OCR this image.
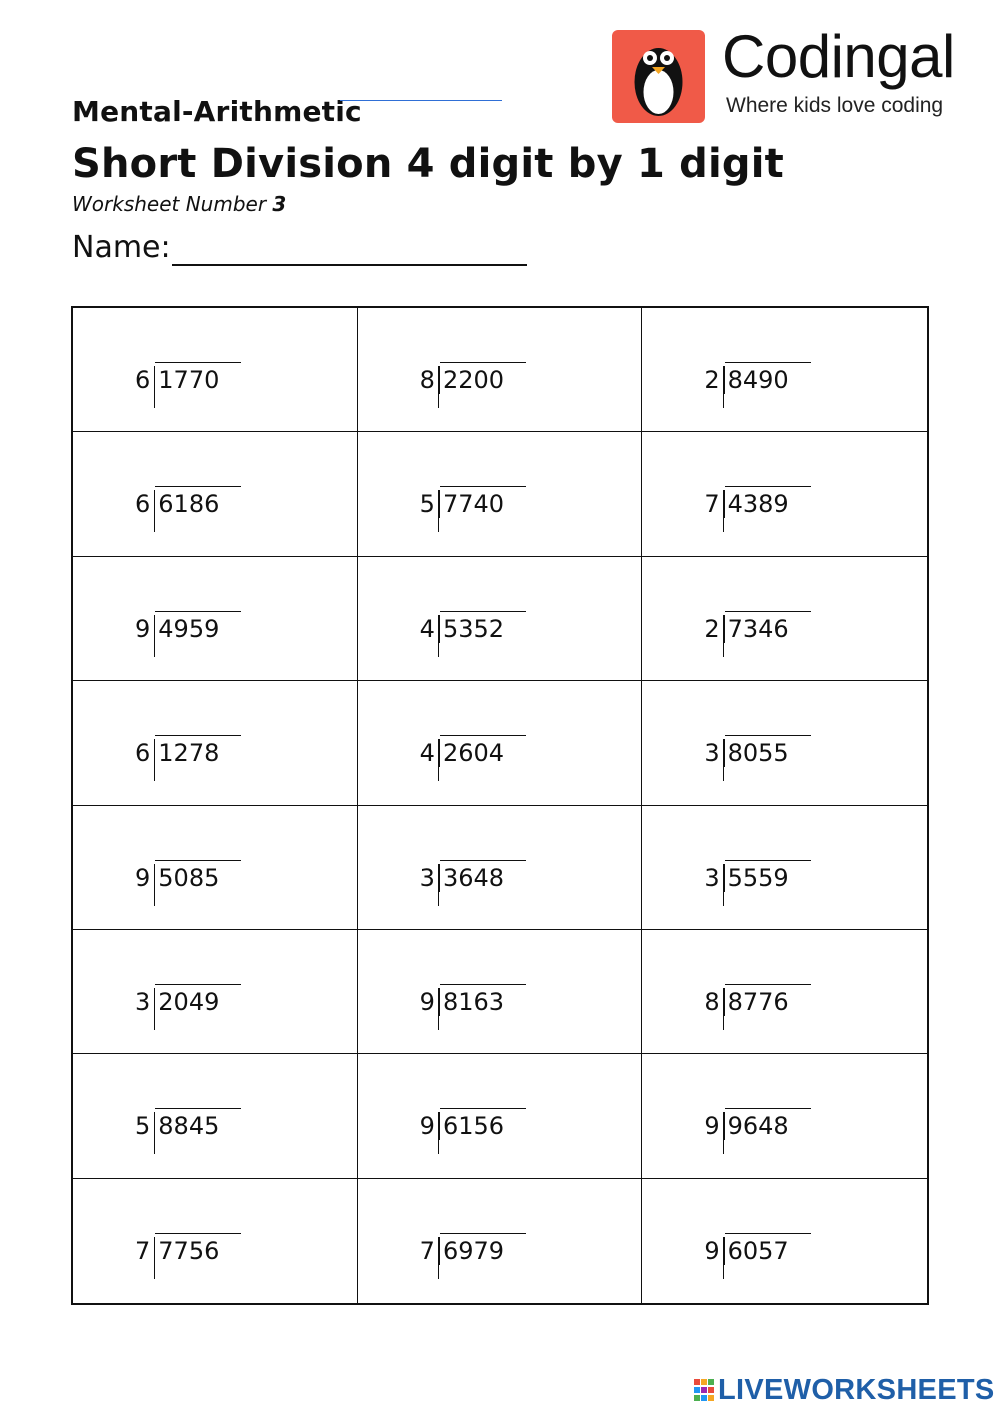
Mental-Arithmetic
Short Division 4 digit by 1 digit
Worksheet Number 3
Name:
Codingal
Where kids love coding
6 1770	8 2200	2 8490
6 6186	5 7740	7 4389
9 4959	4 5352	2 7346
6 1278	4 2604	3 8055
9 5085	3 3648	3 5559
3 2049	9 8163	8 8776
5 8845	9 6156	9 9648
7 7756	7 6979	9 6057
LIVEWORKSHEETS
